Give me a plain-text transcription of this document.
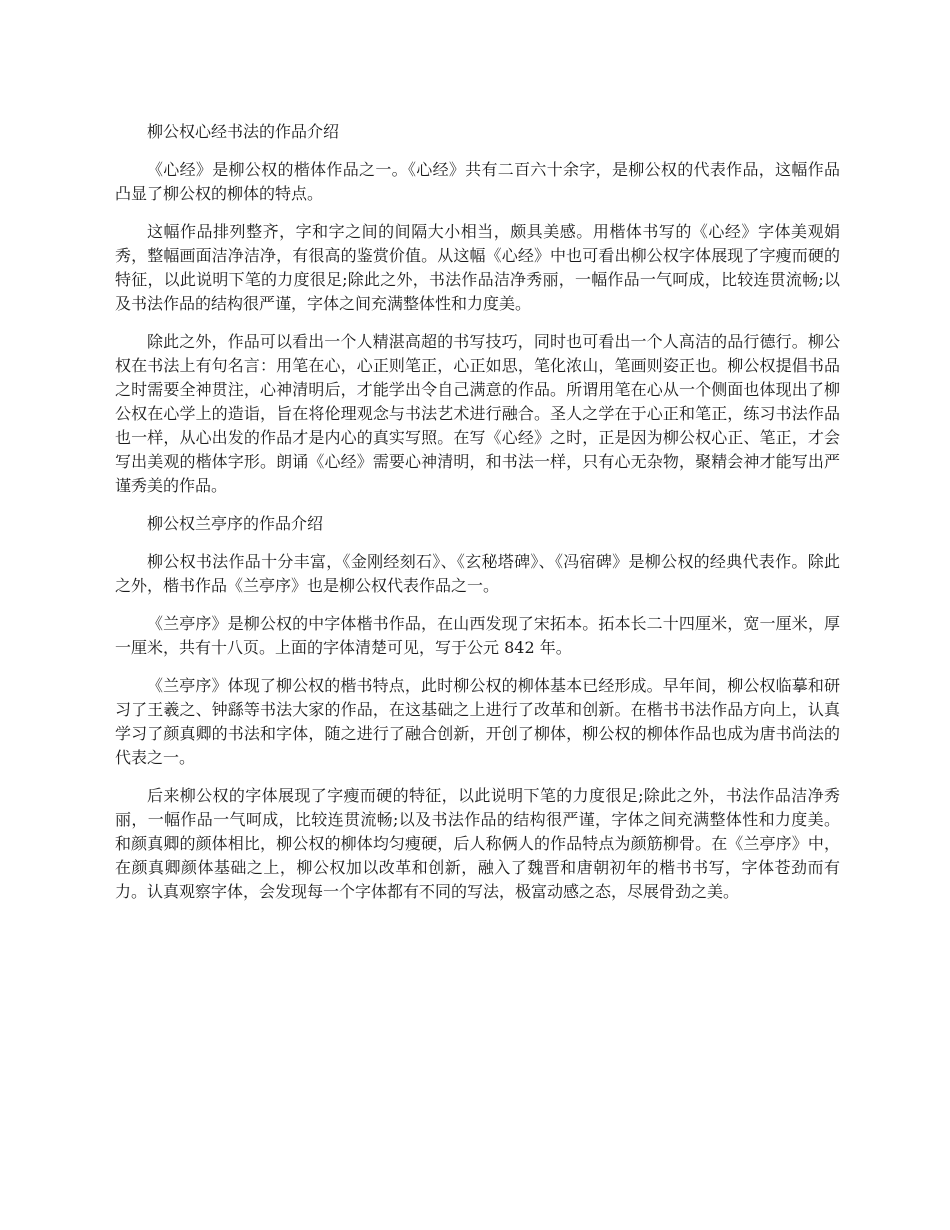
柳公权心经书法的作品介绍

《心经》是柳公权的楷体作品之一。《心经》共有二百六十余字，是柳公权的代表作品，这幅作品凸显了柳公权的柳体的特点。

这幅作品排列整齐，字和字之间的间隔大小相当，颇具美感。用楷体书写的《心经》字体美观娟秀，整幅画面洁净洁净，有很高的鉴赏价值。从这幅《心经》中也可看出柳公权字体展现了字瘦而硬的特征，以此说明下笔的力度很足;除此之外，书法作品洁净秀丽，一幅作品一气呵成，比较连贯流畅;以及书法作品的结构很严谨，字体之间充满整体性和力度美。

除此之外，作品可以看出一个人精湛高超的书写技巧，同时也可看出一个人高洁的品行德行。柳公权在书法上有句名言：用笔在心，心正则笔正，心正如思，笔化浓山，笔画则姿正也。柳公权提倡书品之时需要全神贯注，心神清明后，才能学出令自己满意的作品。所谓用笔在心从一个侧面也体现出了柳公权在心学上的造诣，旨在将伦理观念与书法艺术进行融合。圣人之学在于心正和笔正，练习书法作品也一样，从心出发的作品才是内心的真实写照。在写《心经》之时，正是因为柳公权心正、笔正，才会写出美观的楷体字形。朗诵《心经》需要心神清明，和书法一样，只有心无杂物，聚精会神才能写出严谨秀美的作品。

柳公权兰亭序的作品介绍

柳公权书法作品十分丰富，《金刚经刻石》、《玄秘塔碑》、《冯宿碑》是柳公权的经典代表作。除此之外，楷书作品《兰亭序》也是柳公权代表作品之一。

《兰亭序》是柳公权的中字体楷书作品，在山西发现了宋拓本。拓本长二十四厘米，宽一厘米，厚一厘米，共有十八页。上面的字体清楚可见，写于公元 842 年。

《兰亭序》体现了柳公权的楷书特点，此时柳公权的柳体基本已经形成。早年间，柳公权临摹和研习了王羲之、钟繇等书法大家的作品，在这基础之上进行了改革和创新。在楷书书法作品方向上，认真学习了颜真卿的书法和字体，随之进行了融合创新，开创了柳体，柳公权的柳体作品也成为唐书尚法的代表之一。

后来柳公权的字体展现了字瘦而硬的特征，以此说明下笔的力度很足;除此之外，书法作品洁净秀丽，一幅作品一气呵成，比较连贯流畅;以及书法作品的结构很严谨，字体之间充满整体性和力度美。和颜真卿的颜体相比，柳公权的柳体均匀瘦硬，后人称俩人的作品特点为颜筋柳骨。在《兰亭序》中，在颜真卿颜体基础之上，柳公权加以改革和创新，融入了魏晋和唐朝初年的楷书书写，字体苍劲而有力。认真观察字体，会发现每一个字体都有不同的写法，极富动感之态，尽展骨劲之美。
